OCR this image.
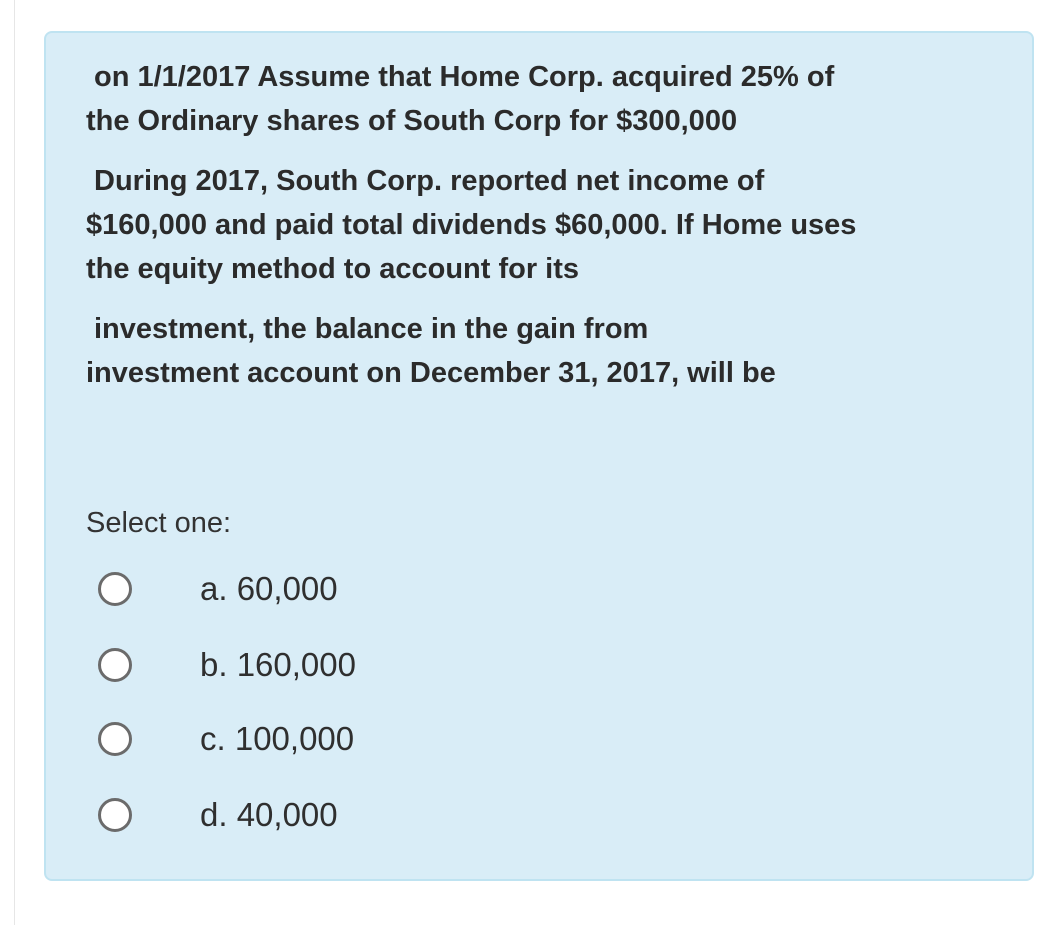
on 1/1/2017 Assume that Home Corp. acquired 25% of
the Ordinary shares of South Corp for $300,000
During 2017, South Corp. reported net income of
$160,000 and paid total dividends $60,000. If Home uses
the equity method to account for its
investment, the balance in the gain from
investment account on December 31, 2017, will be
Select one:
a. 60,000
b. 160,000
c. 100,000
d. 40,000
